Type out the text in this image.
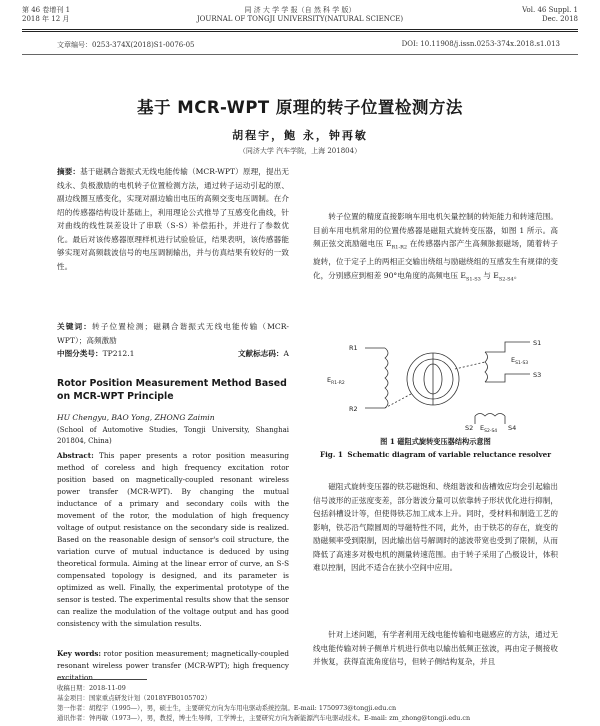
第 46 卷增刊 1
2018 年 12 月
同 济 大 学 学 报（自 然 科 学 版）
JOURNAL OF TONGJI UNIVERSITY(NATURAL SCIENCE)
Vol. 46 Suppl. 1
Dec. 2018
文章编号：0253-374X(2018)S1-0076-05	DOI: 10.11908/j.issn.0253-374x.2018.s1.013
基于 MCR-WPT 原理的转子位置检测方法
胡程宇，鲍 永，钟再敏
（同济大学 汽车学院，上海 201804）
摘要：基于磁耦合谐振式无线电能传输（MCR-WPT）原理，提出无线永、负极激励的电机转子位置检测方法，通过转子运动引起的原、副边线圈互感变化，实现对副边输出电压的高频交变电压调制。在介绍的传感器结构设计基础上，利用理论公式推导了互感变化曲线，针对曲线的线性误差设计了串联（S-S）补偿拓扑，并进行了参数优化。最后对该传感器原理样机进行试验验证，结果表明，该传感器能够实现对高频载波信号的电压调制输出，并与仿真结果有较好的一致性。
关键词：转子位置检测；磁耦合谐振式无线电能传输（MCR-WPT）；高频激励
中图分类号：TP212.1	文献标志码：A
Rotor Position Measurement Method Based on MCR-WPT Principle
HU Chengyu, BAO Yong, ZHONG Zaimin
(School of Automotive Studies, Tongji University, Shanghai 201804, China)
Abstract: This paper presents a rotor position measuring method of coreless and high frequency excitation rotor position based on magnetically-coupled resonant wireless power transfer (MCR-WPT). By changing the mutual inductance of a primary and secondary coils with the movement of the rotor, the modulation of high frequency voltage of output resistance on the secondary side is realized. Based on the reasonable design of sensor's coil structure, the variation curve of mutual inductance is deduced by using theoretical formula. Aiming at the linear error of curve, an S-S compensated topology is designed, and its parameter is optimized as well. Finally, the experimental prototype of the sensor is tested. The experimental results show that the sensor can realize the modulation of the voltage output and has good consistency with the simulation results.
Key words: rotor position measurement; magnetically-coupled resonant wireless power transfer (MCR-WPT); high frequency excitation
转子位置的精度直接影响车用电机矢量控制的转矩能力和转速范围。目前车用电机常用的位置传感器是磁阻式旋转变压器，如图 1 所示。高频正弦交流励磁电压 $E_{R1-R2}$ 在传感器内部产生高频脉振磁场，随着转子旋转，位于定子上的两相正交输出绕组与励磁绕组的互感发生有规律的变化，分别感应到相差 90°电角度的高频电压 $E_{S1-S3}$ 与 $E_{S2-S4}$。
R1
R2
$E_{R1-R2}$
S1
S3
$E_{S1-S3}$
S2	S4
$E_{S2-S4}$
图 1 磁阻式旋转变压器结构示意图
Fig. 1 Schematic diagram of variable reluctance resolver
磁阻式旋转变压器的铁芯磁饱和、绕组谐波和齿槽效应均会引起输出信号波形的正弦度变差，部分谐波分量可以依靠转子形状优化进行抑制，包括斜槽设计等，但使得铁芯加工成本上升。同时，受材料和制造工艺的影响，铁芯沿气隙圆周的导磁特性不同，此外，由于铁芯的存在，旋变的励磁频率受到限制，因此输出信号解调时的滤波带宽也受到了限制，从而降低了高速多对极电机的测量转速范围。由于转子采用了凸极设计，体积难以控制，因此不适合在狭小空间中应用。
针对上述问题，有学者利用无线电能传输和电磁感应的方法，通过无线电能传输对转子侧单片机进行供电以输出低频正弦波，再由定子侧接收并恢复，获得直流角度信号，但转子侧结构复杂，并且
收稿日期：2018-11-09
基金项目：国家重点研发计划（2018YFB0105702）
第一作者：胡程宇（1995—），男，硕士生，主要研究方向为车用电驱动系统控制。E-mail: 1750973@tongji.edu.cn
通讯作者：钟再敏（1973—），男，教授，博士生导师，工学博士，主要研究方向为新能源汽车电驱动技术。E-mail: zm_zhong@tongji.edu.cn
